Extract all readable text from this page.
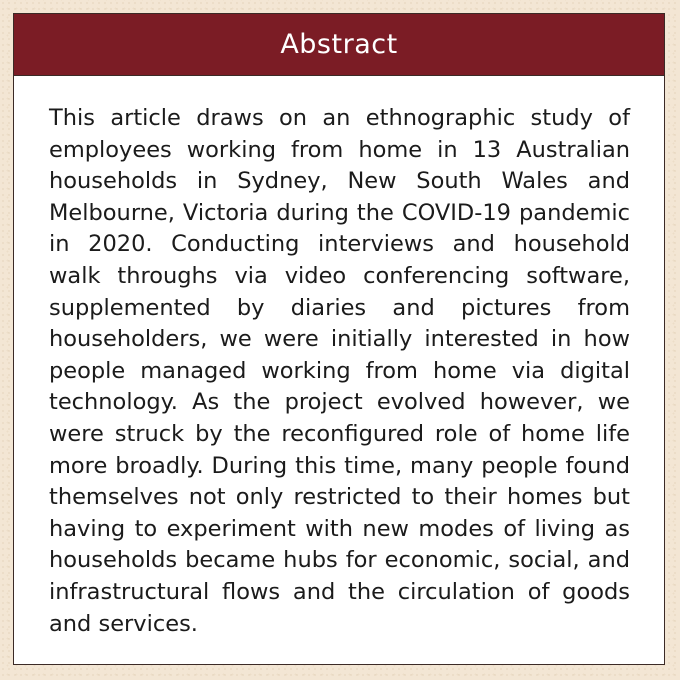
Abstract

This article draws on an ethnographic study of employees working from home in 13 Australian households in Sydney, New South Wales and Melbourne, Victoria during the COVID-19 pandemic in 2020. Conducting interviews and household walk throughs via video conferencing software, supplemented by diaries and pictures from householders, we were initially interested in how people managed working from home via digital technology. As the project evolved however, we were struck by the reconfigured role of home life more broadly. During this time, many people found themselves not only restricted to their homes but having to experiment with new modes of living as households became hubs for economic, social, and infrastructural flows and the circulation of goods and services.
